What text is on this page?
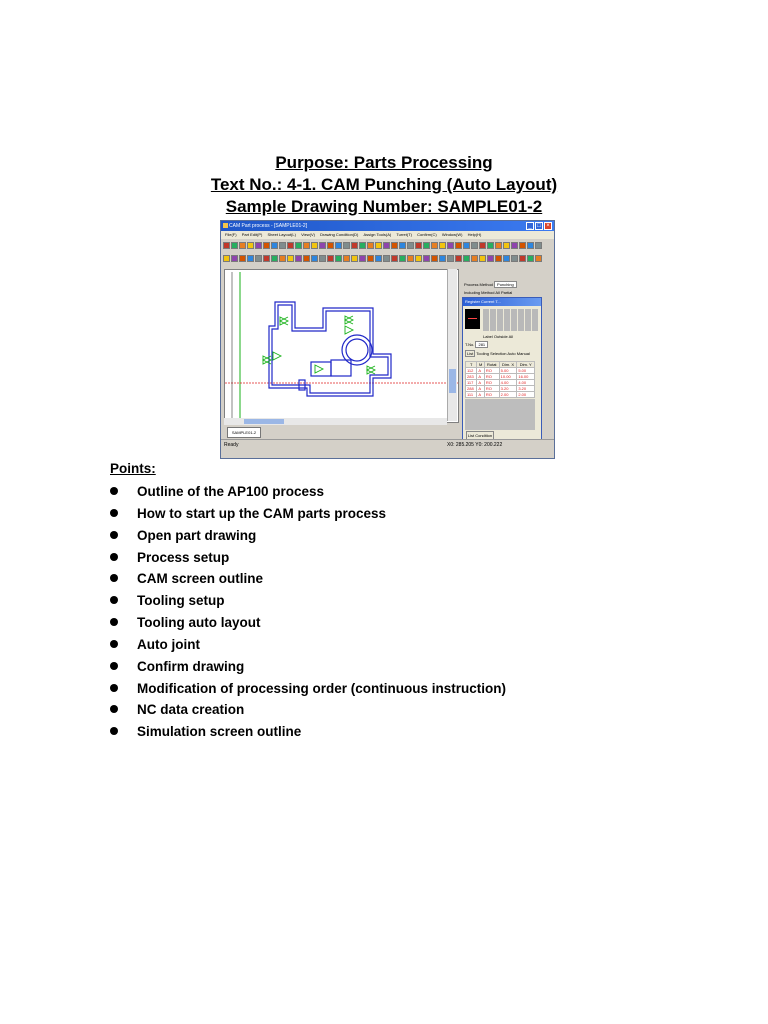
Purpose: Parts Processing
Text No.: 4-1. CAM Punching (Auto Layout)
Sample Drawing Number: SAMPLE01-2
CAM Part process - [SAMPLE01-2]	_ □ ×
File(F) Part Edit(P) Sheet Layout(L) View(V) Drawing Condition(D) Assign Tools(A) Turret(T) Confirm(C) Window(W) Help(H)
SAMPLE01-2
Process Method Punching
Including Method All Partial
Register Current T...
Label Outside All
T.No. 281
List Tooling Selection Auto Manual
T	M	Rotat	Dim. X	Dim. Y
112	A	RO	5.00	5.00
283	A	RO	10.00	16.00
117	A	RO	4.00	4.00
288	A	RO	3.20	3.20
111	A	RO	2.00	2.00
List Condition
Ready	X0: 285.205 Y0: 200.222
Points:
Outline of the AP100 process
How to start up the CAM parts process
Open part drawing
Process setup
CAM screen outline
Tooling setup
Tooling auto layout
Auto joint
Confirm drawing
Modification of processing order (continuous instruction)
NC data creation
Simulation screen outline
